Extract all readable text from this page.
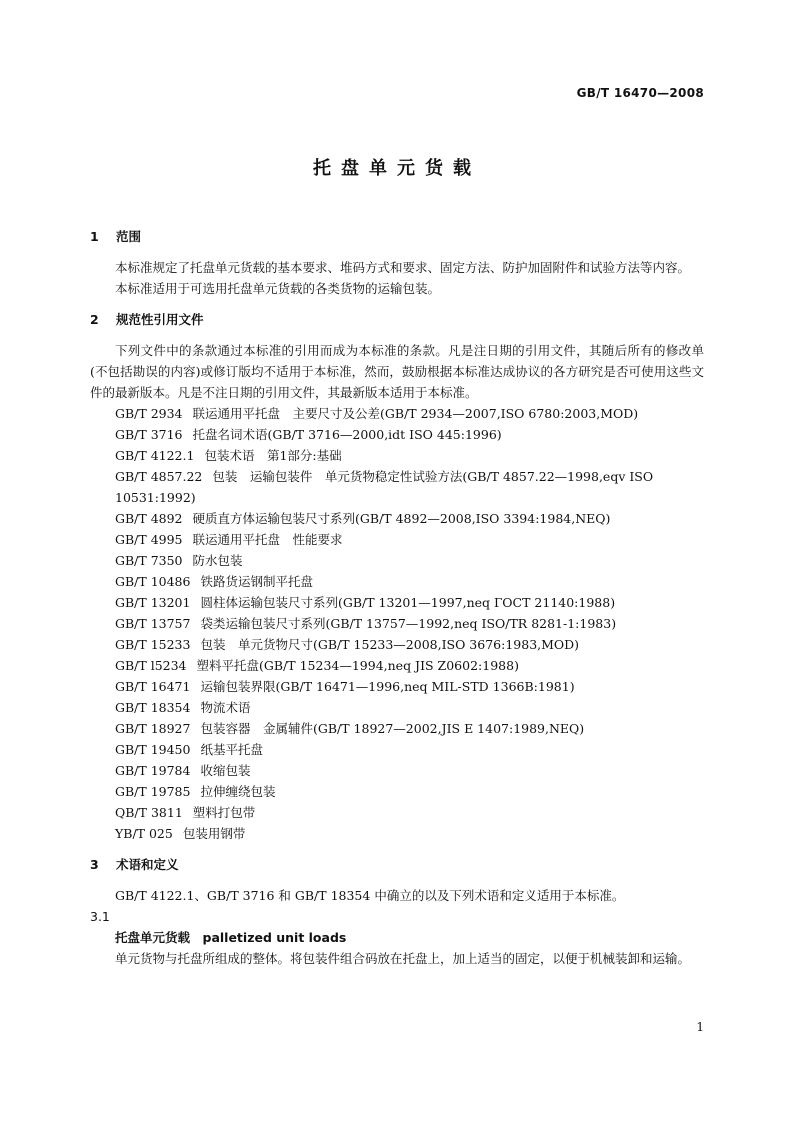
GB/T 16470—2008
托盘单元货载
1 范围
本标准规定了托盘单元货载的基本要求、堆码方式和要求、固定方法、防护加固附件和试验方法等内容。
本标准适用于可选用托盘单元货载的各类货物的运输包装。
2 规范性引用文件
下列文件中的条款通过本标准的引用而成为本标准的条款。凡是注日期的引用文件，其随后所有的修改单(不包括勘误的内容)或修订版均不适用于本标准，然而，鼓励根据本标准达成协议的各方研究是否可使用这些文件的最新版本。凡是不注日期的引用文件，其最新版本适用于本标准。
GB/T 2934 联运通用平托盘　主要尺寸及公差(GB/T 2934—2007,ISO 6780:2003,MOD)
GB/T 3716 托盘名词术语(GB/T 3716—2000,idt ISO 445:1996)
GB/T 4122.1 包装术语　第1部分:基础
GB/T 4857.22 包装　运输包装件　单元货物稳定性试验方法(GB/T 4857.22—1998,eqv ISO 10531:1992)
GB/T 4892 硬质直方体运输包装尺寸系列(GB/T 4892—2008,ISO 3394:1984,NEQ)
GB/T 4995 联运通用平托盘　性能要求
GB/T 7350 防水包装
GB/T 10486 铁路货运钢制平托盘
GB/T 13201 圆柱体运输包装尺寸系列(GB/T 13201—1997,neq ГОСТ 21140:1988)
GB/T 13757 袋类运输包装尺寸系列(GB/T 13757—1992,neq ISO/TR 8281-1:1983)
GB/T 15233 包装　单元货物尺寸(GB/T 15233—2008,ISO 3676:1983,MOD)
GB/T l5234 塑料平托盘(GB/T 15234—1994,neq JIS Z0602:1988)
GB/T 16471 运输包装界限(GB/T 16471—1996,neq MIL-STD 1366B:1981)
GB/T 18354 物流术语
GB/T 18927 包装容器　金属辅件(GB/T 18927—2002,JIS E 1407:1989,NEQ)
GB/T 19450 纸基平托盘
GB/T 19784 收缩包装
GB/T 19785 拉伸缠绕包装
QB/T 3811 塑料打包带
YB/T 025 包装用钢带
3 术语和定义
GB/T 4122.1、GB/T 3716 和 GB/T 18354 中确立的以及下列术语和定义适用于本标准。
3.1
托盘单元货载　palletized unit loads
单元货物与托盘所组成的整体。将包装件组合码放在托盘上，加上适当的固定，以便于机械装卸和运输。
1
